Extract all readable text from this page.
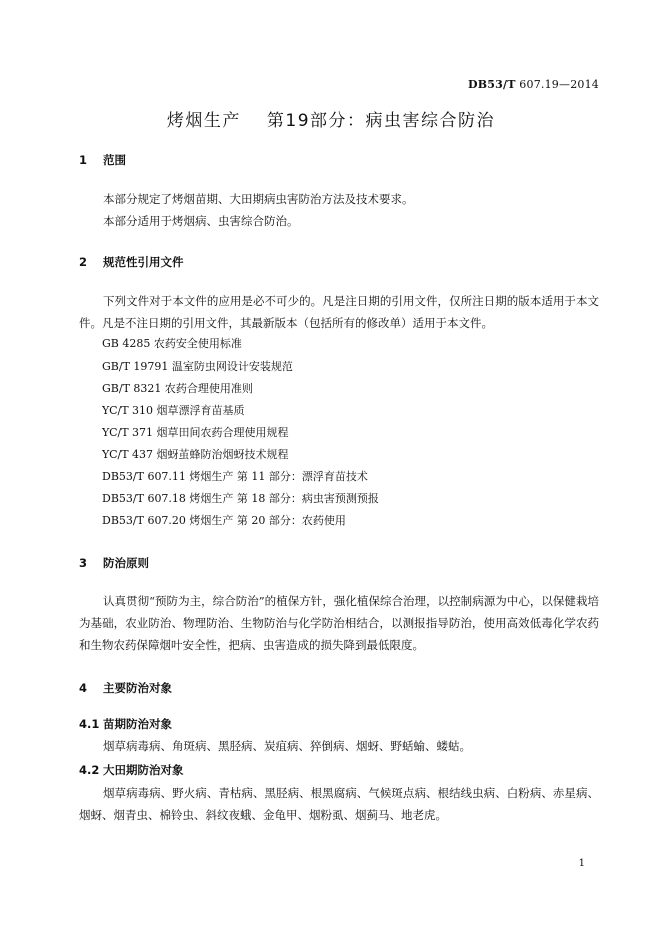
DB53/T 607.19—2014
烤烟生产 第19部分：病虫害综合防治
1 范围
本部分规定了烤烟苗期、大田期病虫害防治方法及技术要求。
本部分适用于烤烟病、虫害综合防治。
2 规范性引用文件
下列文件对于本文件的应用是必不可少的。凡是注日期的引用文件，仅所注日期的版本适用于本文件。凡是不注日期的引用文件，其最新版本（包括所有的修改单）适用于本文件。
GB 4285 农药安全使用标准
GB/T 19791 温室防虫网设计安装规范
GB/T 8321 农药合理使用准则
YC/T 310 烟草漂浮育苗基质
YC/T 371 烟草田间农药合理使用规程
YC/T 437 烟蚜茧蜂防治烟蚜技术规程
DB53/T 607.11 烤烟生产 第 11 部分：漂浮育苗技术
DB53/T 607.18 烤烟生产 第 18 部分：病虫害预测预报
DB53/T 607.20 烤烟生产 第 20 部分：农药使用
3 防治原则
认真贯彻“预防为主，综合防治”的植保方针，强化植保综合治理，以控制病源为中心，以保健栽培为基础，农业防治、物理防治、生物防治与化学防治相结合，以测报指导防治，使用高效低毒化学农药和生物农药保障烟叶安全性，把病、虫害造成的损失降到最低限度。
4 主要防治对象
4.1 苗期防治对象
烟草病毒病、角斑病、黑胫病、炭疽病、猝倒病、烟蚜、野蛞蝓、蝼蛄。
4.2 大田期防治对象
烟草病毒病、野火病、青枯病、黑胫病、根黑腐病、气候斑点病、根结线虫病、白粉病、赤星病、烟蚜、烟青虫、棉铃虫、斜纹夜蛾、金龟甲、烟粉虱、烟蓟马、地老虎。
1
